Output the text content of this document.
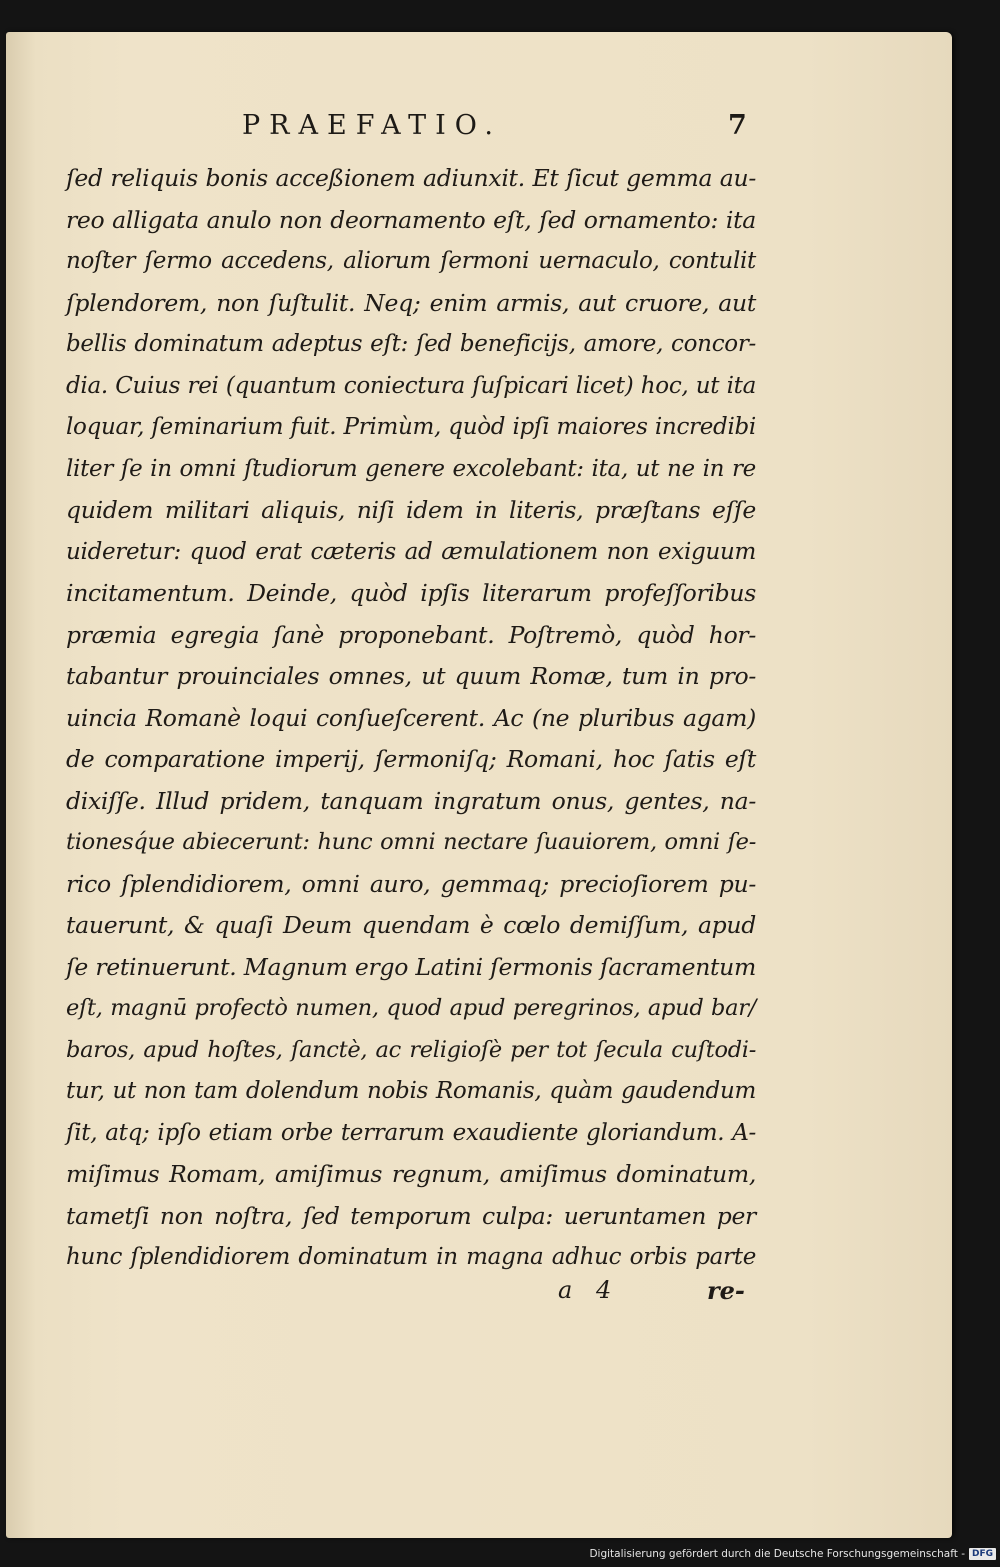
PRAEFATIO.	7
ſed reliquis bonis acceßionem adiunxit. Et ſicut gemma au-
reo alligata anulo non deornamento eſt, ſed ornamento: ita
noſter ſermo accedens, aliorum ſermoni uernaculo, contulit
ſplendorem, non ſuſtulit. Neq; enim armis, aut cruore, aut
bellis dominatum adeptus eſt: ſed beneficijs, amore, concor-
dia. Cuius rei (quantum coniectura ſuſpicari licet) hoc, ut ita
loquar, ſeminarium fuit. Primùm, quòd ipſi maiores incredibi
liter ſe in omni ſtudiorum genere excolebant: ita, ut ne in re
quidem militari aliquis, niſi idem in literis, præſtans eſſe
uideretur: quod erat cæteris ad æmulationem non exiguum
incitamentum. Deinde, quòd ipſis literarum profeſſoribus
præmia egregia ſanè proponebant. Poſtremò, quòd hor-
tabantur prouinciales omnes, ut quum Romæ, tum in pro-
uincia Romanè loqui conſueſcerent. Ac (ne pluribus agam)
de comparatione imperij, ſermoniſq; Romani, hoc ſatis eſt
dixiſſe. Illud pridem, tanquam ingratum onus, gentes, na-
tionesq́ue abiecerunt: hunc omni nectare ſuauiorem, omni ſe-
rico ſplendidiorem, omni auro, gemmaq; precioſiorem pu-
tauerunt, & quaſi Deum quendam è cœlo demiſſum, apud
ſe retinuerunt. Magnum ergo Latini ſermonis ſacramentum
eſt, magnū profectò numen, quod apud peregrinos, apud bar/
baros, apud hoſtes, ſanctè, ac religioſè per tot ſecula cuſtodi-
tur, ut non tam dolendum nobis Romanis, quàm gaudendum
ſit, atq; ipſo etiam orbe terrarum exaudiente gloriandum. A-
miſimus Romam, amiſimus regnum, amiſimus dominatum,
tametſi non noſtra, ſed temporum culpa: ueruntamen per
hunc ſplendidiorem dominatum in magna adhuc orbis parte
a 4	re-
Digitalisierung gefördert durch die Deutsche Forschungsgemeinschaft - DFG
